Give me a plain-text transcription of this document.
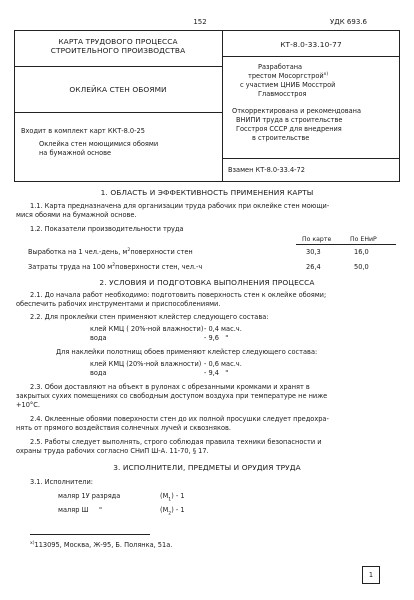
152	УДК 693.6
КАРТА ТРУДОВОГО ПРОЦЕССА
СТРОИТЕЛЬНОГО ПРОИЗВОДСТВА
ОКЛЕЙКА СТЕН ОБОЯМИ
Входит в комплект карт ККТ-8.0-25
Оклейка стен моющимися обоями
на бумажной основе
КТ-8.0-33.10-77
Разработана
трестом Мосоргстрой$^{х)}$
с участием ЦНИБ Мосстрой
Главмосстроя
Откорректирована и рекомендована
ВНИПИ труда в строительстве
Госстроя СССР для внедрения
в строительстве
Взамен КТ-8.0-33.4-72
1. ОБЛАСТЬ И ЭФФЕКТИВНОСТЬ ПРИМЕНЕНИЯ КАРТЫ
1.1. Карта предназначена для организации труда рабочих при оклейке стен моющи-
мися обоями на бумажной основе.
1.2. Показатели производительности труда
По карте	По ЕНиР
Выработка на 1 чел.-день, $м^2поверхности$ стен	30,3	16,0
Затраты труда на 100 $м^2поверхности$ стен, чел.-ч	26,4	50,0
2. УСЛОВИЯ И ПОДГОТОВКА ВЫПОЛНЕНИЯ ПРОЦЕССА
2.1. До начала работ необходимо: подготовить поверхность стен к оклейке обоями;
обеспечить рабочих инструментами и приспособлениями.
2.2. Для проклейки стен применяют клейстер следующего состава:
клей КМЦ ( 20%-ной влажности) - 0,4 мас.ч.
вода	- 9,6 "
Для наклейки полотнищ обоев применяют клейстер следующего состава:
клей КМЦ (20%-ной влажности) - 0,6 мас.ч.
вода	- 9,4 "
2.3. Обои доставляют на объект в рулонах с обрезанными кромками и хранят в
закрытых сухих помещениях со свободным доступом воздуха при температуре не ниже
+10°С.
2.4. Оклеенные обоями поверхности стен до их полной просушки следует предохра-
нять от прямого воздействия солнечных лучей и сквозняков.
2.5. Работы следует выполнять, строго соблюдая правила техники безопасности и
охраны труда рабочих согласно СНиП Ш-А. 11-70, § 17.
3. ИСПОЛНИТЕЛИ, ПРЕДМЕТЫ И ОРУДИЯ ТРУДА
3.1. Исполнители:
маляр 1У разряда	$(М_1) - 1$
маляр Ш "	$(М_2) - 1$
$^{х)}$113095, Москва, Ж-95, Б. Полянка, 51а.
1
